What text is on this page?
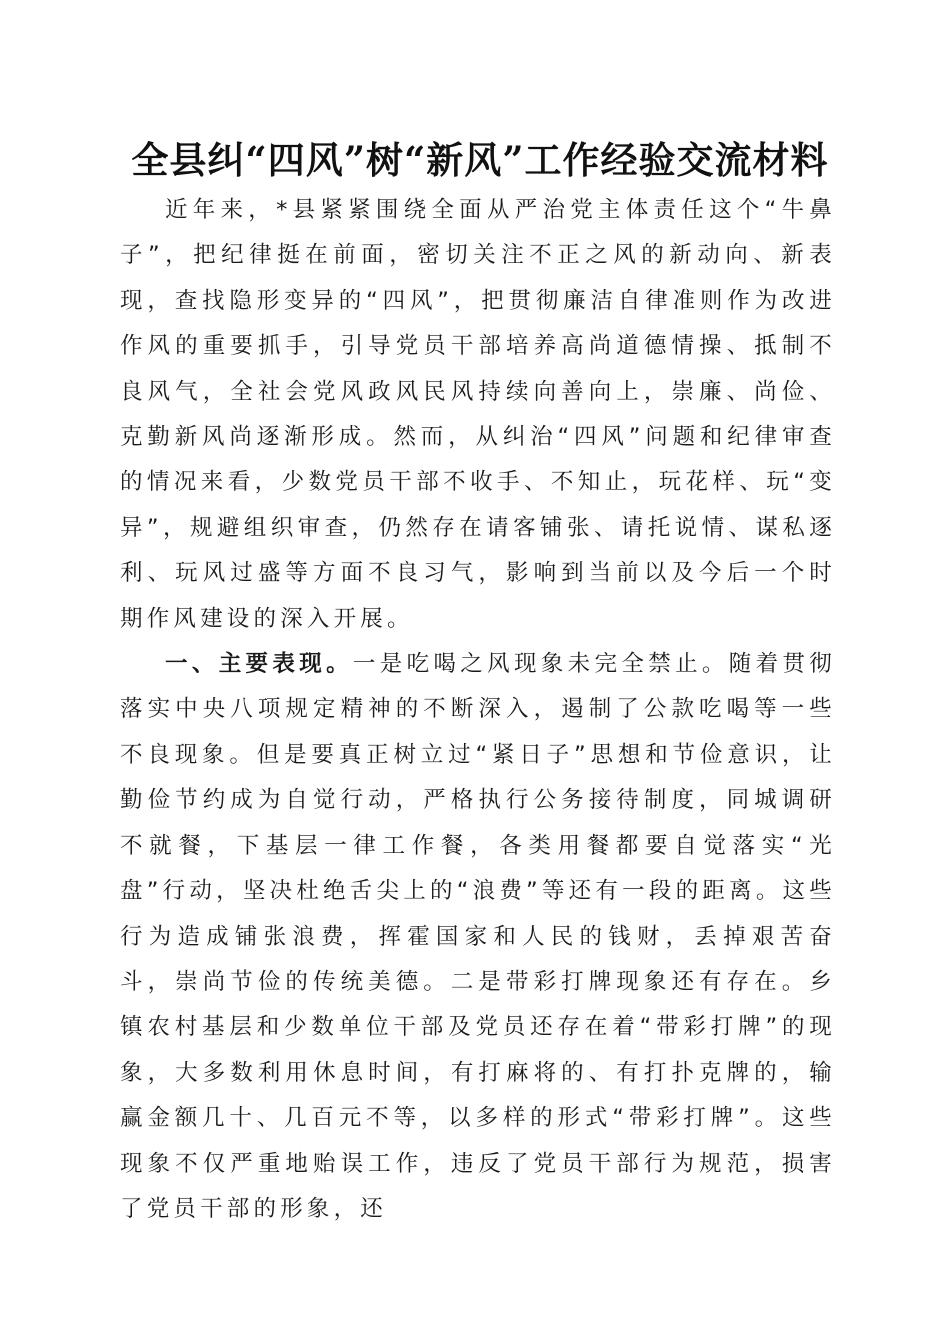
全县纠“四风”树“新风”工作经验交流材料

近年来，*县紧紧围绕全面从严治党主体责任这个“牛鼻子”，把纪律挺在前面，密切关注不正之风的新动向、新表现，查找隐形变异的“四风”，把贯彻廉洁自律准则作为改进作风的重要抓手，引导党员干部培养高尚道德情操、抵制不良风气，全社会党风政风民风持续向善向上，崇廉、尚俭、克勤新风尚逐渐形成。然而，从纠治“四风”问题和纪律审查的情况来看，少数党员干部不收手、不知止，玩花样、玩“变异”，规避组织审查，仍然存在请客铺张、请托说情、谋私逐利、玩风过盛等方面不良习气，影响到当前以及今后一个时期作风建设的深入开展。

一、主要表现。一是吃喝之风现象未完全禁止。随着贯彻落实中央八项规定精神的不断深入，遏制了公款吃喝等一些不良现象。但是要真正树立过“紧日子”思想和节俭意识，让勤俭节约成为自觉行动，严格执行公务接待制度，同城调研不就餐，下基层一律工作餐，各类用餐都要自觉落实“光盘”行动，坚决杜绝舌尖上的“浪费”等还有一段的距离。这些行为造成铺张浪费，挥霍国家和人民的钱财，丢掉艰苦奋斗，崇尚节俭的传统美德。二是带彩打牌现象还有存在。乡镇农村基层和少数单位干部及党员还存在着“带彩打牌”的现象，大多数利用休息时间，有打麻将的、有打扑克牌的，输赢金额几十、几百元不等，以多样的形式“带彩打牌”。这些现象不仅严重地贻误工作，违反了党员干部行为规范，损害了党员干部的形象，还
